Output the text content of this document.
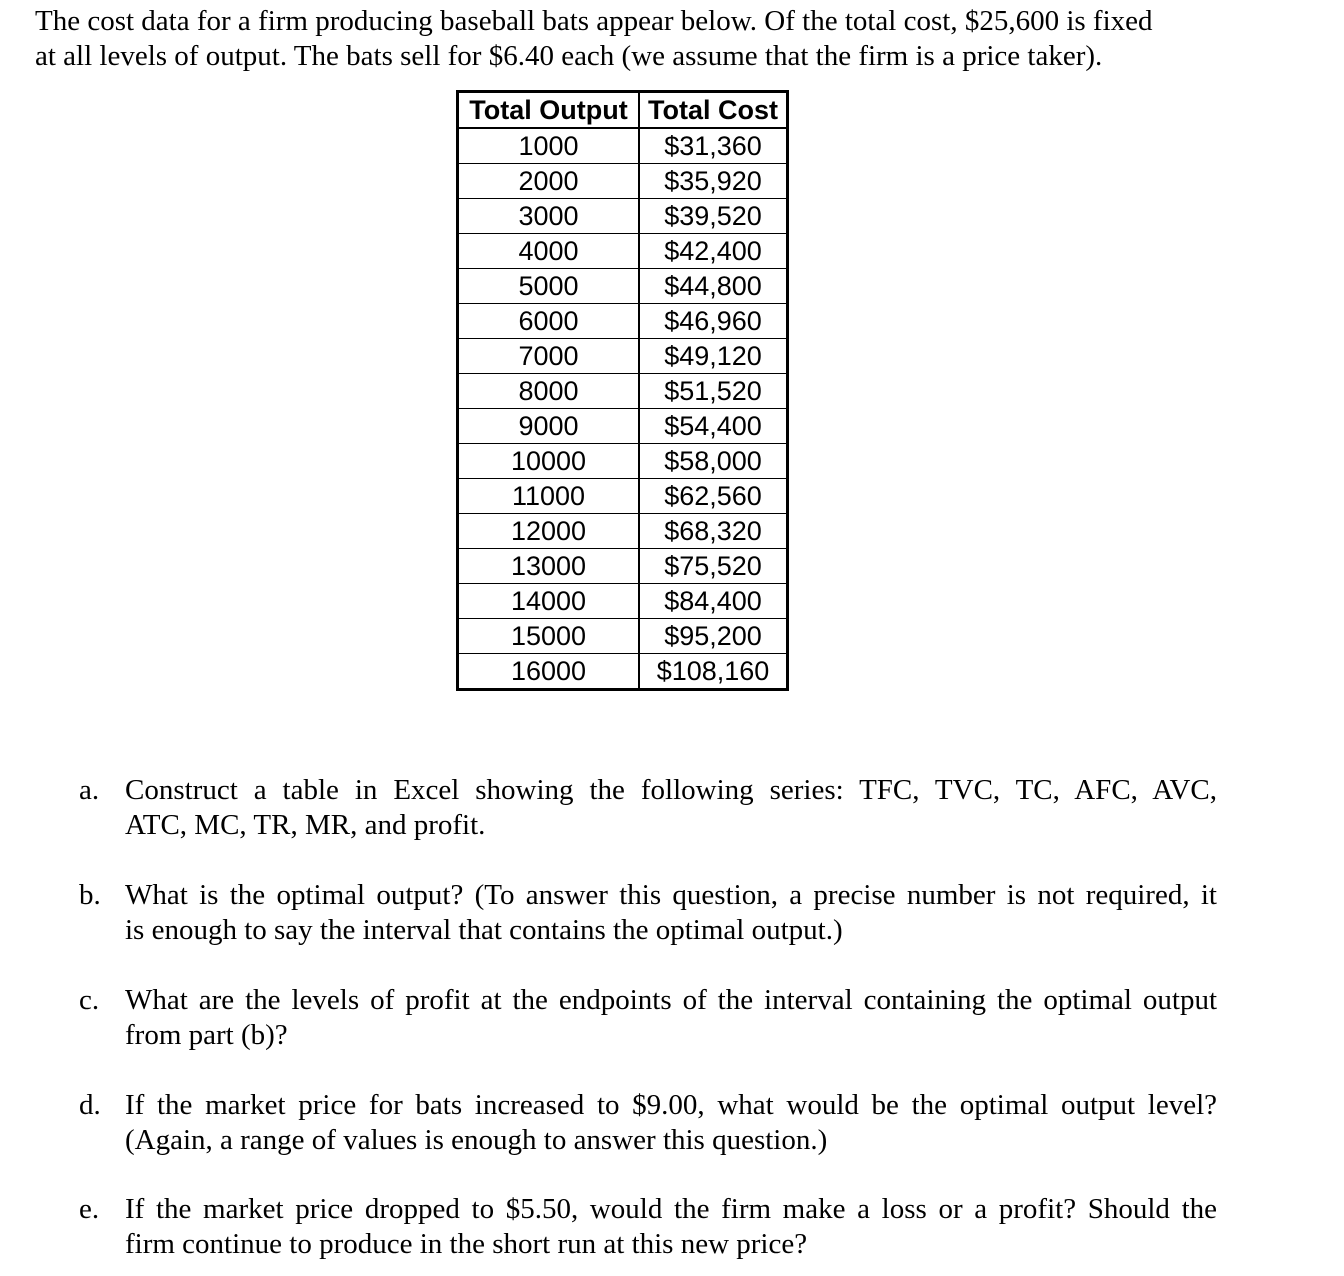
The cost data for a firm producing baseball bats appear below. Of the total cost, $25,600 is fixed
at all levels of output. The bats sell for $6.40 each (we assume that the firm is a price taker).
Total Output	Total Cost
1000	$31,360
2000	$35,920
3000	$39,520
4000	$42,400
5000	$44,800
6000	$46,960
7000	$49,120
8000	$51,520
9000	$54,400
10000	$58,000
11000	$62,560
12000	$68,320
13000	$75,520
14000	$84,400
15000	$95,200
16000	$108,160
a. Construct a table in Excel showing the following series: TFC, TVC, TC, AFC, AVC,
ATC, MC, TR, MR, and profit.
b. What is the optimal output? (To answer this question, a precise number is not required, it
is enough to say the interval that contains the optimal output.)
c. What are the levels of profit at the endpoints of the interval containing the optimal output
from part (b)?
d. If the market price for bats increased to $9.00, what would be the optimal output level?
(Again, a range of values is enough to answer this question.)
e. If the market price dropped to $5.50, would the firm make a loss or a profit? Should the
firm continue to produce in the short run at this new price?
